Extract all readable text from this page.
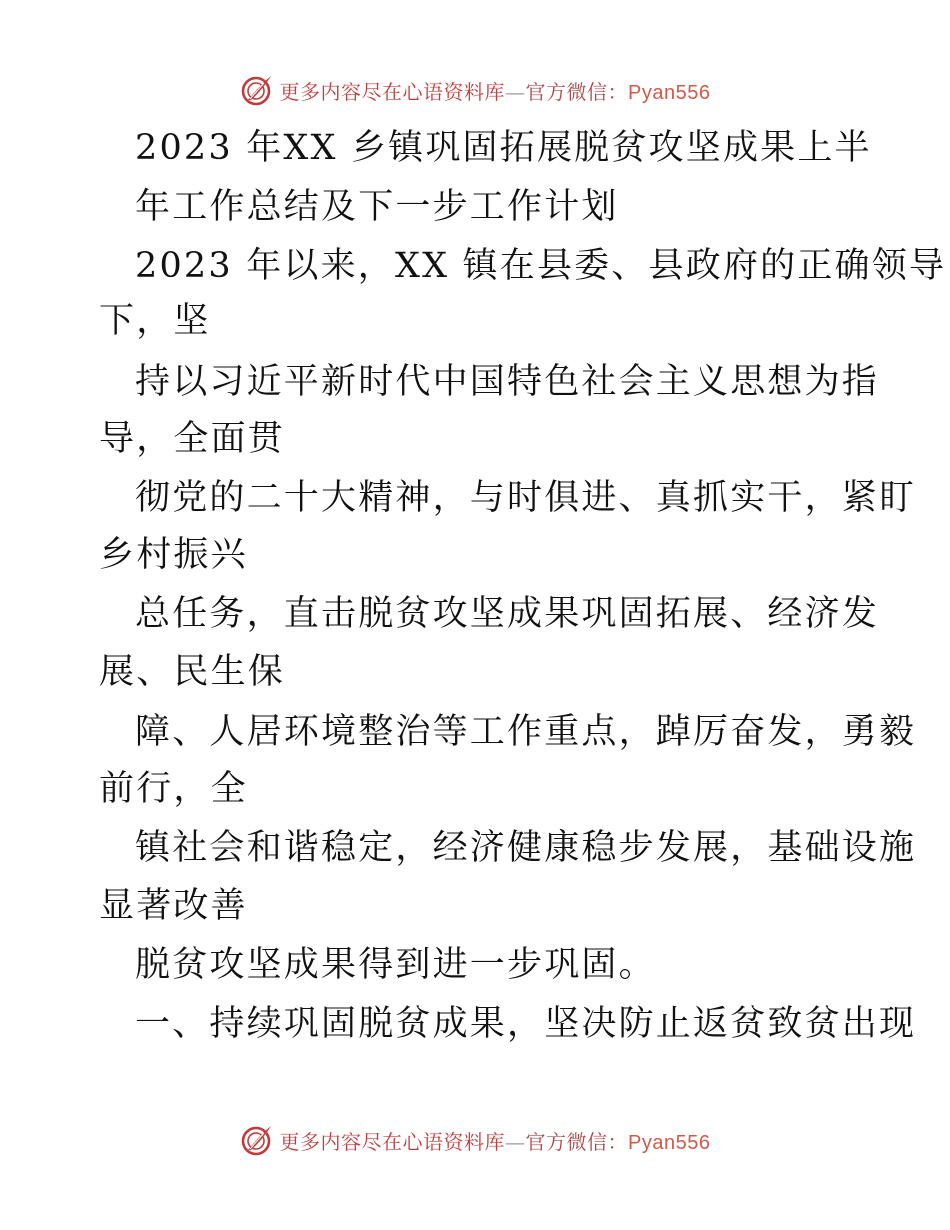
更多内容尽在心语资料库—官方微信：Pyan556
2023 年XX 乡镇巩固拓展脱贫攻坚成果上半
年工作总结及下一步工作计划
2023 年以来，XX 镇在县委、县政府的正确领导
下，坚
持以习近平新时代中国特色社会主义思想为指
导，全面贯
彻党的二十大精神，与时俱进、真抓实干，紧盯
乡村振兴
总任务，直击脱贫攻坚成果巩固拓展、经济发
展、民生保
障、人居环境整治等工作重点，踔厉奋发，勇毅
前行，全
镇社会和谐稳定，经济健康稳步发展，基础设施
显著改善
脱贫攻坚成果得到进一步巩固。
一、持续巩固脱贫成果，坚决防止返贫致贫出现
更多内容尽在心语资料库—官方微信：Pyan556
